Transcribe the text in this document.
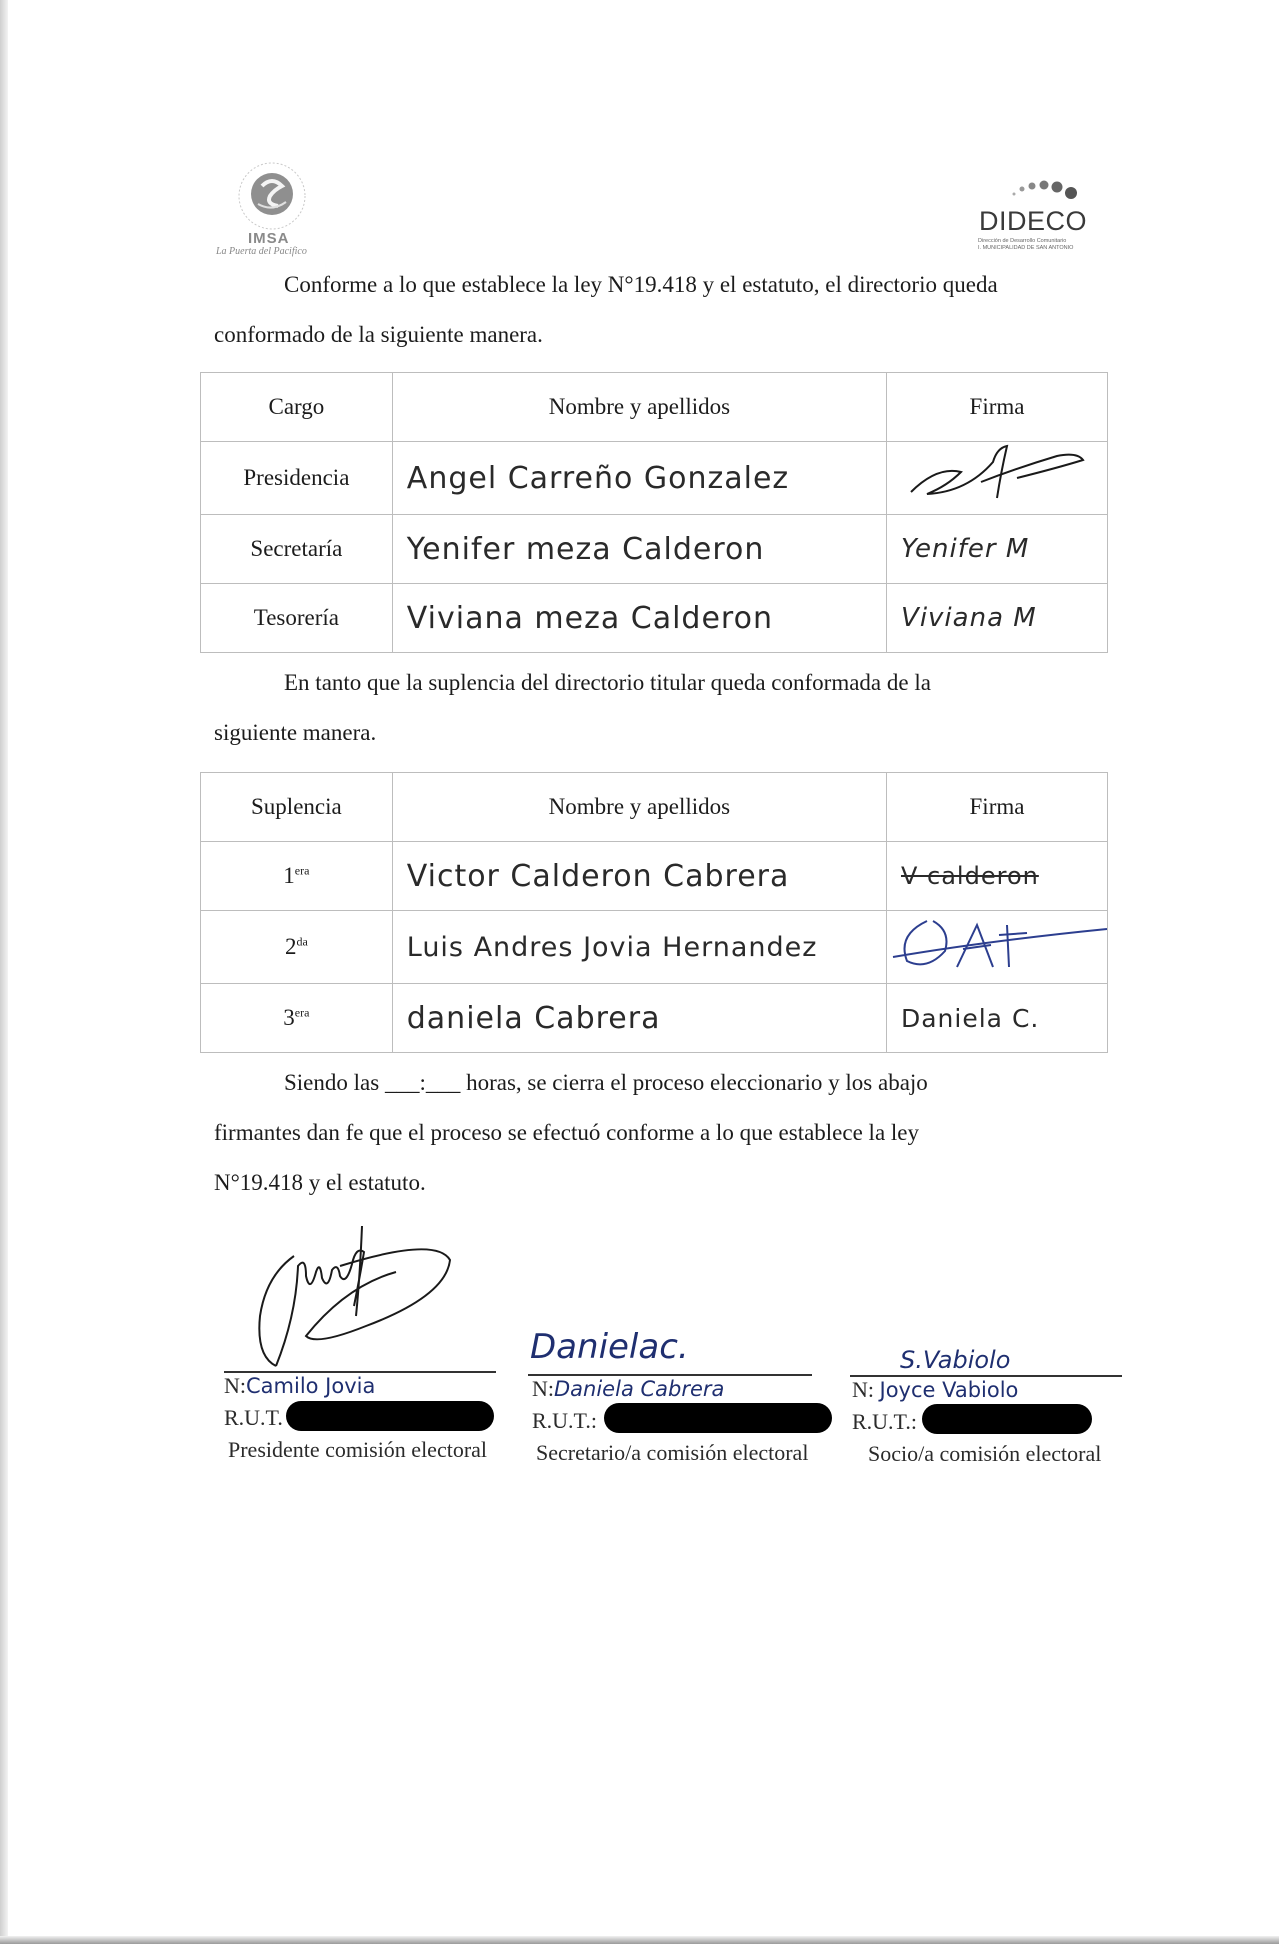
IMSA
La Puerta del Pacifico
DIDECO
Dirección de Desarrollo Comunitario
I. MUNICIPALIDAD DE SAN ANTONIO
Conforme a lo que establece la ley N°19.418 y el estatuto, el directorio queda
conformado de la siguiente manera.
Cargo	Nombre y apellidos	Firma
Presidencia	Angel Carreño Gonzalez	
Secretaría	Yenifer meza Calderon	Yenifer M
Tesorería	Viviana meza Calderon	Viviana M
En tanto que la suplencia del directorio titular queda conformada de la
siguiente manera.
Suplencia	Nombre y apellidos	Firma
$1^{era}$	Victor Calderon Cabrera	V calderon
$2^{da}$	Luis Andres Jovia Hernandez	
$3^{era}$	daniela Cabrera	Daniela C.
Siendo las ___:___ horas, se cierra el proceso eleccionario y los abajo
firmantes dan fe que el proceso se efectuó conforme a lo que establece la ley
N°19.418 y el estatuto.
N:Camilo Jovia
R.U.T.
Presidente comisión electoral
Danielac.
N:Daniela Cabrera
R.U.T.:
Secretario/a comisión electoral
S.Vabiolo
N: Joyce Vabiolo
R.U.T.:
Socio/a comisión electoral
